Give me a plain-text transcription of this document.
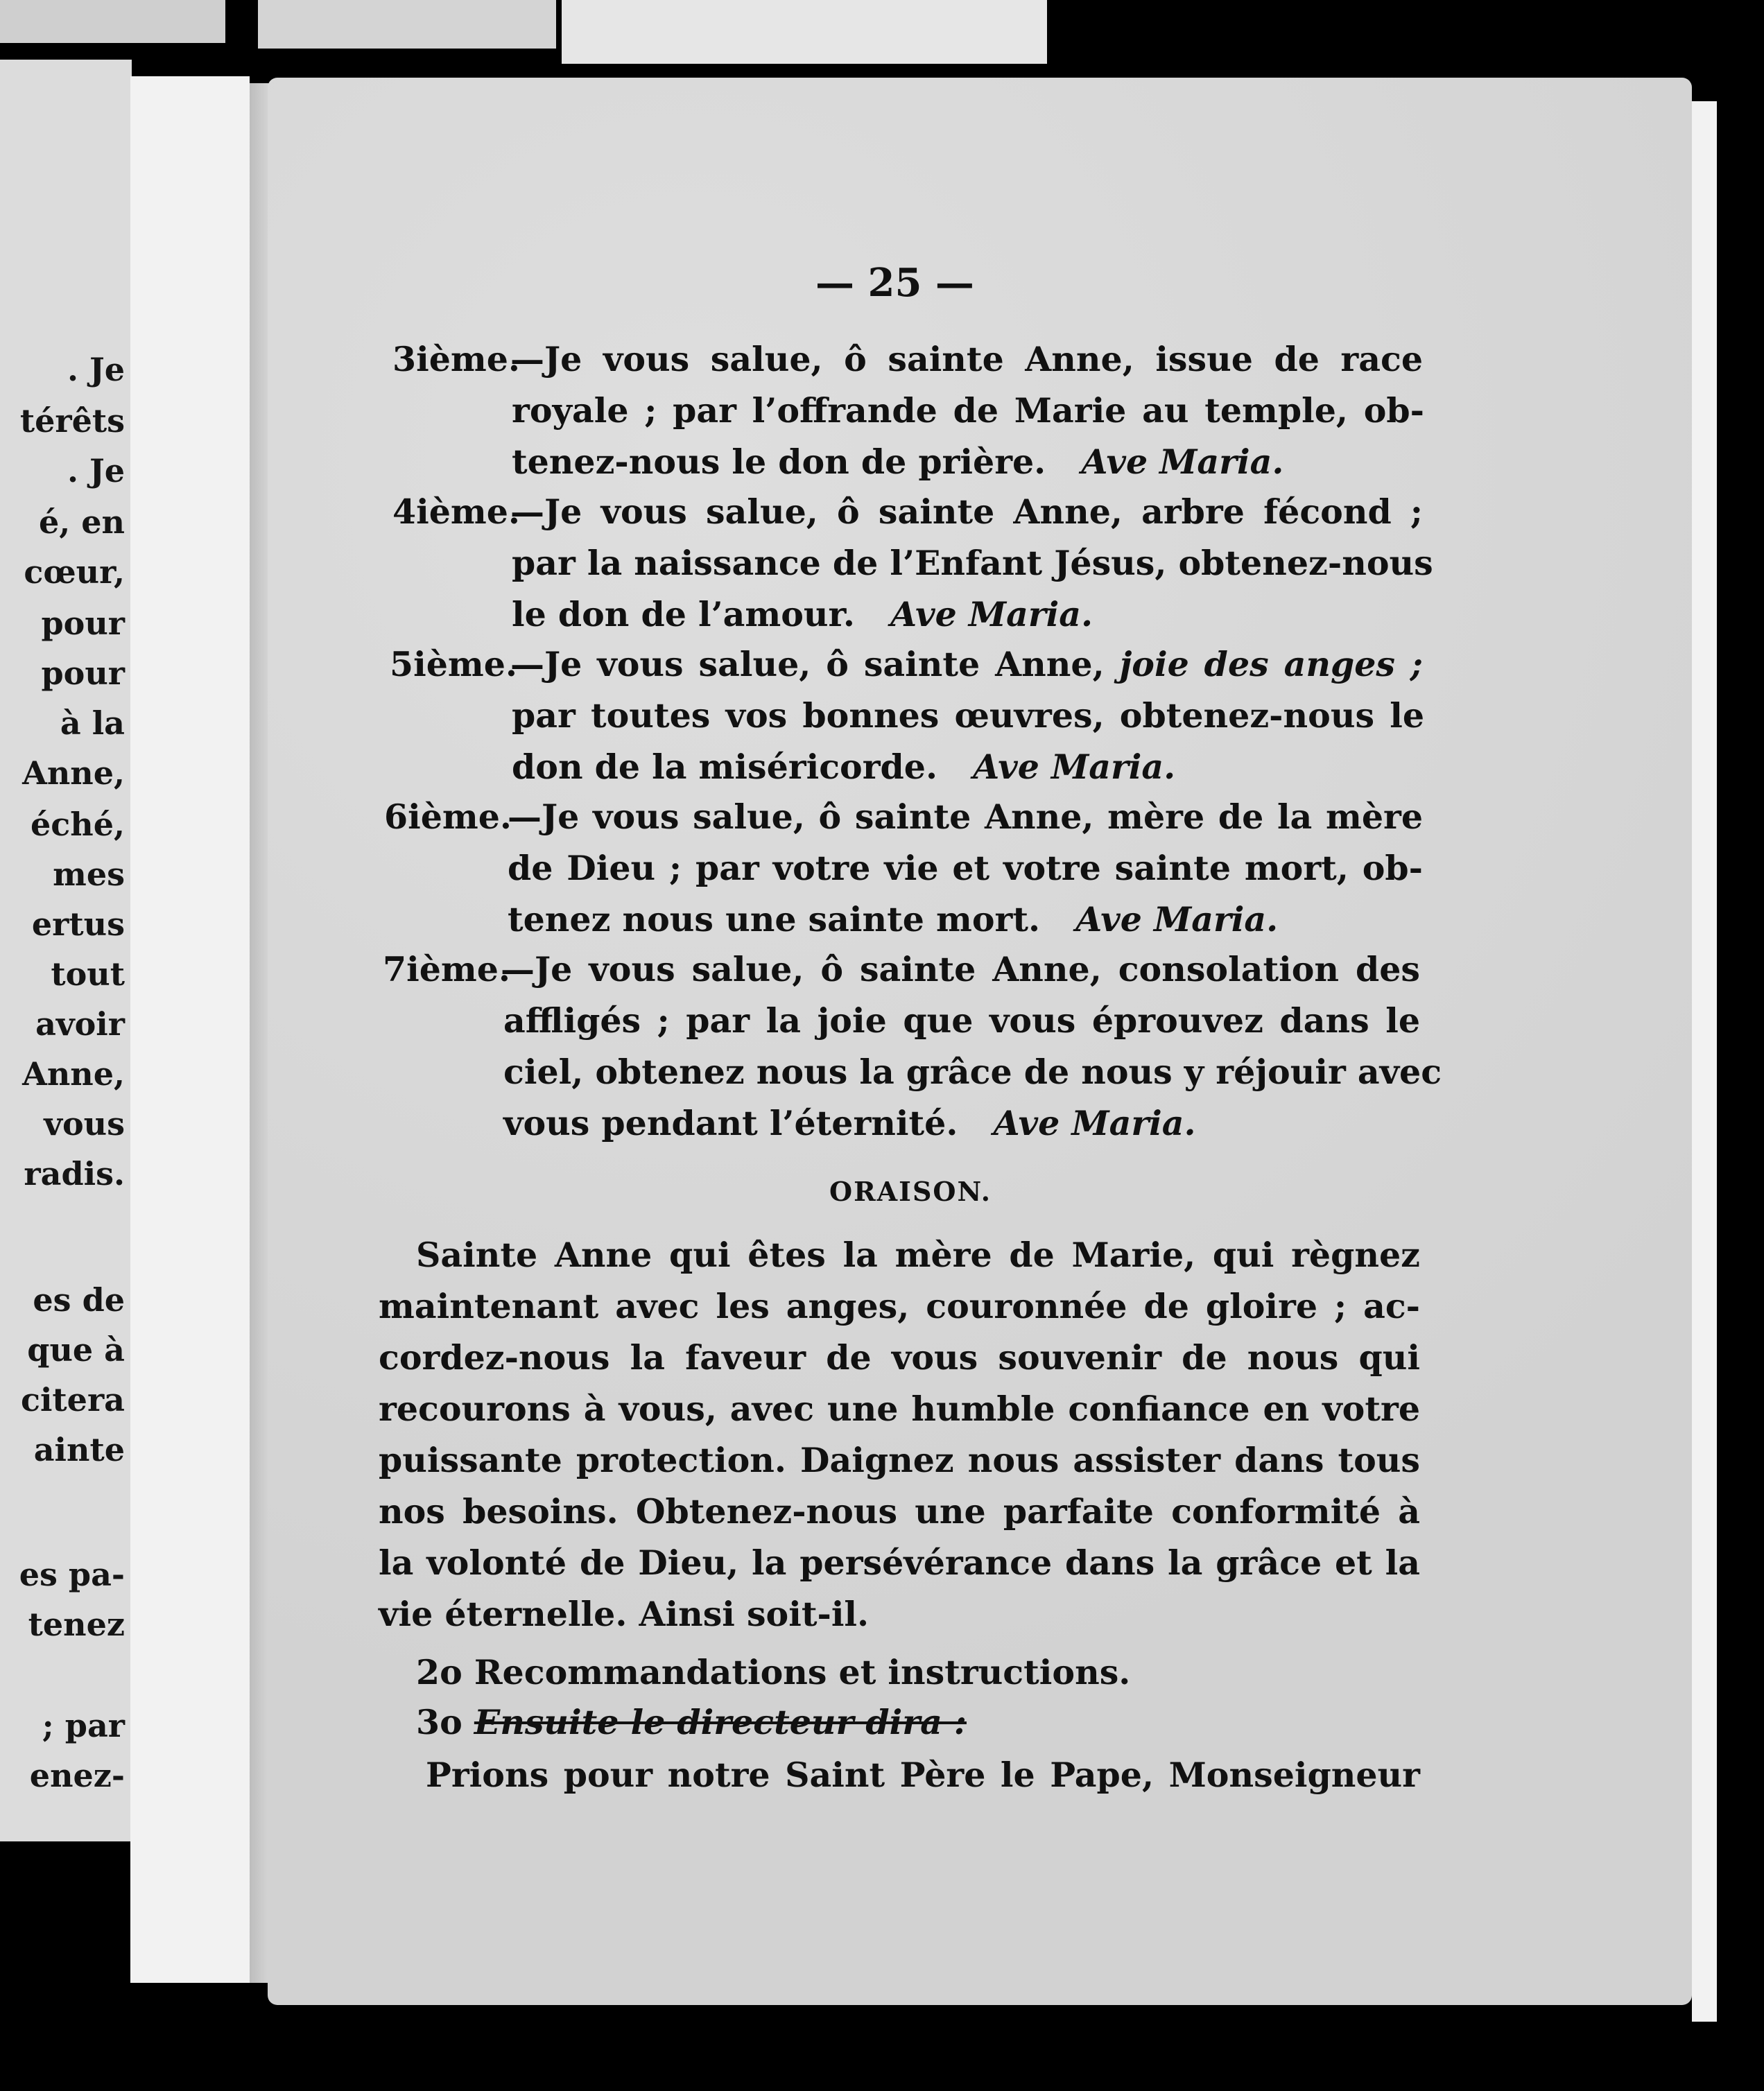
. Je
térêts
. Je
é, en
cœur,
pour
pour
à la
Anne,
éché,
mes
ertus
tout
avoir
Anne,
vous
radis.
es de
que à
citera
ainte
es pa-
tenez
; par
enez-
— 25 —
3ième.
—Je vous salue, ô sainte Anne, issue de race
royale ; par l’offrande de Marie au temple, ob-
tenez-nous le don de prière. Ave Maria.
4ième.
—Je vous salue, ô sainte Anne, arbre fécond ;
par la naissance de l’Enfant Jésus, obtenez-nous
le don de l’amour. Ave Maria.
5ième.
—Je vous salue, ô sainte Anne, joie des anges ;
par toutes vos bonnes œuvres, obtenez-nous le
don de la miséricorde. Ave Maria.
6ième.
—Je vous salue, ô sainte Anne, mère de la mère
de Dieu ; par votre vie et votre sainte mort, ob-
tenez nous une sainte mort. Ave Maria.
7ième.
—Je vous salue, ô sainte Anne, consolation des
affligés ; par la joie que vous éprouvez dans le
ciel, obtenez nous la grâce de nous y réjouir avec
vous pendant l’éternité. Ave Maria.
ORAISON.
Sainte Anne qui êtes la mère de Marie, qui règnez
maintenant avec les anges, couronnée de gloire ; ac-
cordez-nous la faveur de vous souvenir de nous qui
recourons à vous, avec une humble confiance en votre
puissante protection. Daignez nous assister dans tous
nos besoins. Obtenez-nous une parfaite conformité à
la volonté de Dieu, la persévérance dans la grâce et la
vie éternelle. Ainsi soit-il.
2o Recommandations et instructions.
3o Ensuite le directeur dira :
Prions pour notre Saint Père le Pape, Monseigneur
